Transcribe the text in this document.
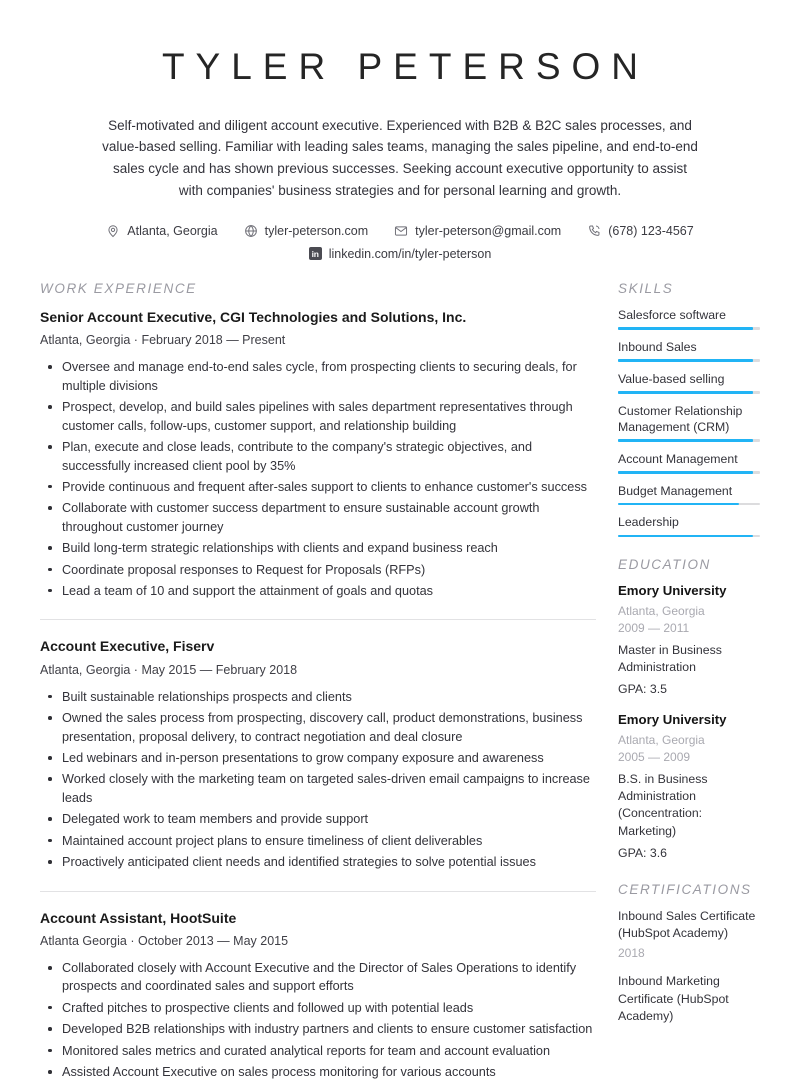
TYLER PETERSON

Self-motivated and diligent account executive. Experienced with B2B & B2C sales processes, and value-based selling. Familiar with leading sales teams, managing the sales pipeline, and end-to-end sales cycle and has shown previous successes. Seeking account executive opportunity to assist with companies' business strategies and for personal learning and growth.

Atlanta, Georgia	tyler-peterson.com	tyler-peterson@gmail.com	(678) 123-4567
in linkedin.com/in/tyler-peterson
WORK EXPERIENCE
Senior Account Executive, CGI Technologies and Solutions, Inc.
Atlanta, Georgia · February 2018 — Present
Oversee and manage end-to-end sales cycle, from prospecting clients to securing deals, for multiple divisions
Prospect, develop, and build sales pipelines with sales department representatives through customer calls, follow-ups, customer support, and relationship building
Plan, execute and close leads, contribute to the company's strategic objectives, and successfully increased client pool by 35%
Provide continuous and frequent after-sales support to clients to enhance customer's success
Collaborate with customer success department to ensure sustainable account growth throughout customer journey
Build long-term strategic relationships with clients and expand business reach
Coordinate proposal responses to Request for Proposals (RFPs)
Lead a team of 10 and support the attainment of goals and quotas
Account Executive, Fiserv
Atlanta, Georgia · May 2015 — February 2018
Built sustainable relationships prospects and clients
Owned the sales process from prospecting, discovery call, product demonstrations, business presentation, proposal delivery, to contract negotiation and deal closure
Led webinars and in-person presentations to grow company exposure and awareness
Worked closely with the marketing team on targeted sales-driven email campaigns to increase leads
Delegated work to team members and provide support
Maintained account project plans to ensure timeliness of client deliverables
Proactively anticipated client needs and identified strategies to solve potential issues
Account Assistant, HootSuite
Atlanta Georgia · October 2013 — May 2015
Collaborated closely with Account Executive and the Director of Sales Operations to identify prospects and coordinated sales and support efforts
Crafted pitches to prospective clients and followed up with potential leads
Developed B2B relationships with industry partners and clients to ensure customer satisfaction
Monitored sales metrics and curated analytical reports for team and account evaluation
Assisted Account Executive on sales process monitoring for various accounts
SKILLS
Salesforce software
Inbound Sales
Value-based selling
Customer Relationship Management (CRM)
Account Management
Budget Management
Leadership
EDUCATION
Emory University
Atlanta, Georgia
2009 — 2011
Master in Business Administration
GPA: 3.5
Emory University
Atlanta, Georgia
2005 — 2009
B.S. in Business Administration (Concentration: Marketing)
GPA: 3.6
CERTIFICATIONS
Inbound Sales Certificate (HubSpot Academy)
2018
Inbound Marketing Certificate (HubSpot Academy)
